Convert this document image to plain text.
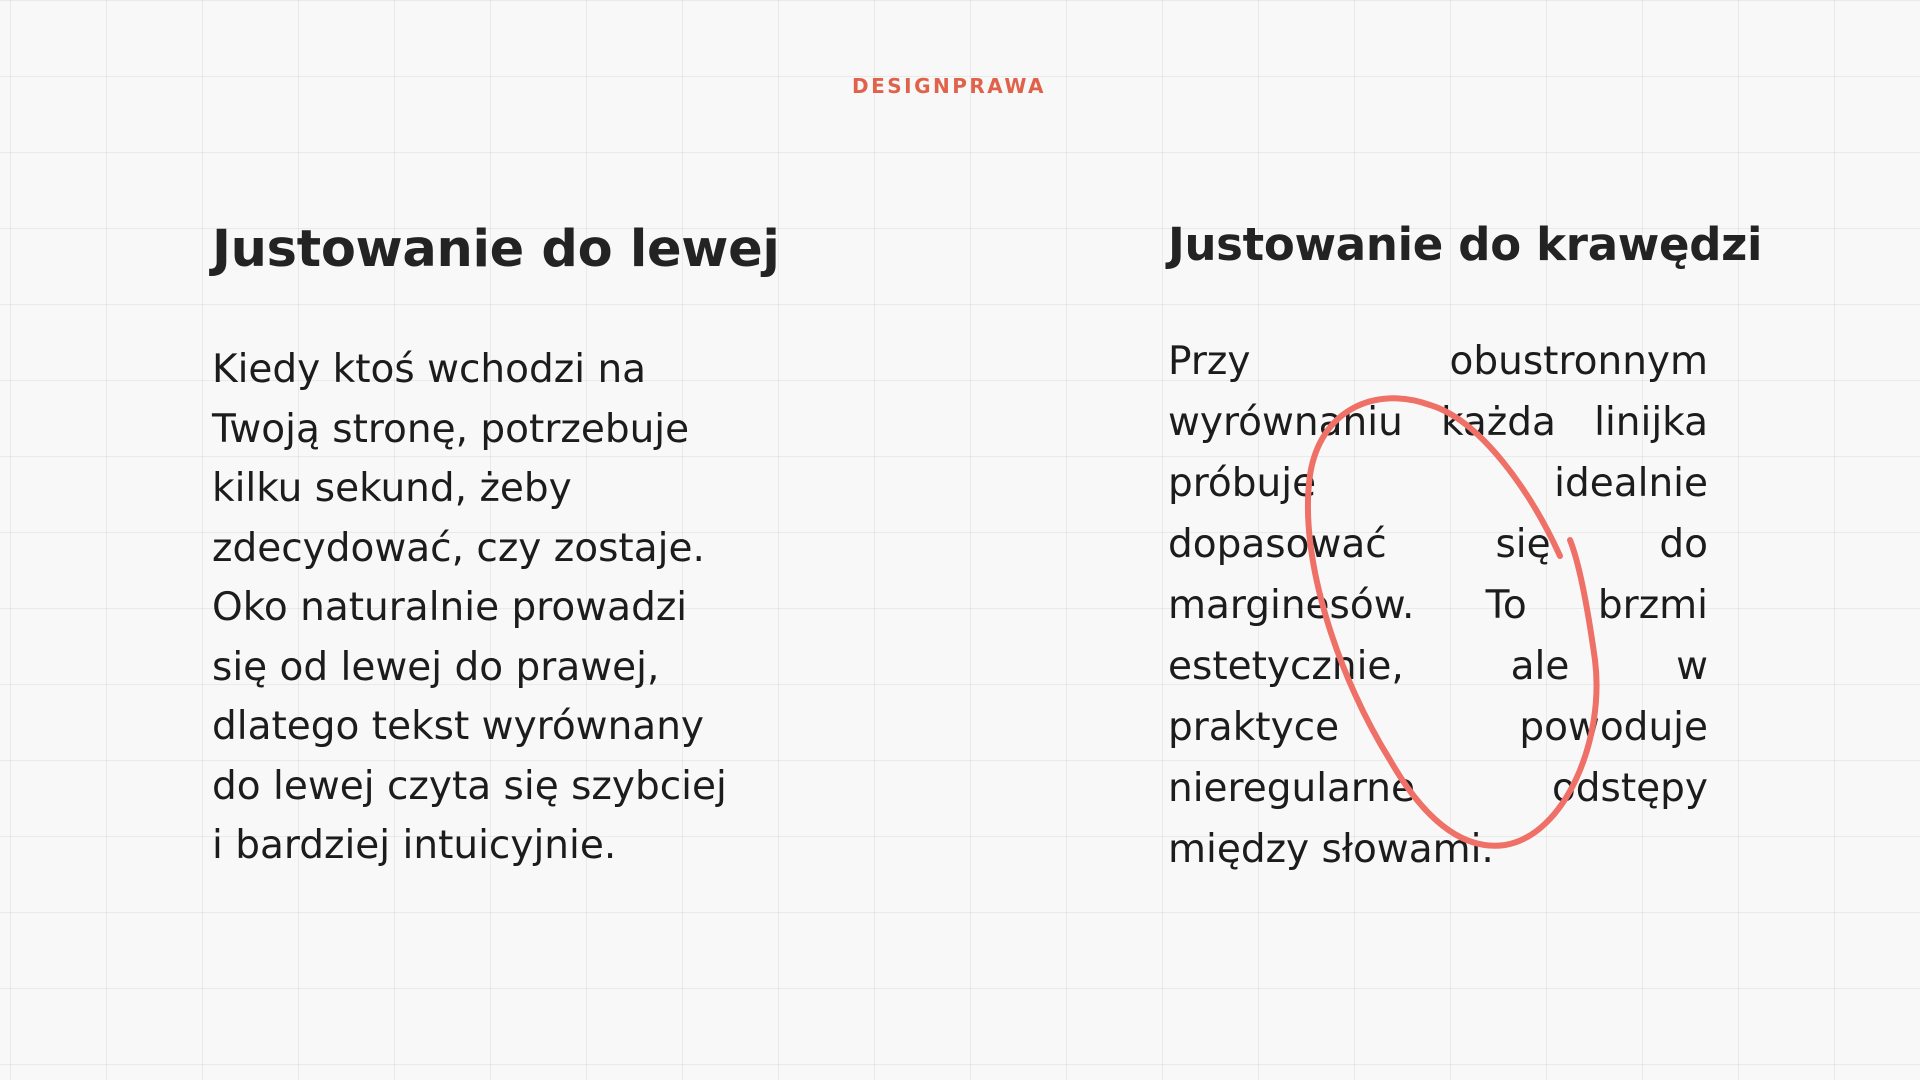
DESIGNPRAWA
Justowanie do lewej
Kiedy ktoś wchodzi na
Twoją stronę, potrzebuje
kilku sekund, żeby
zdecydować, czy zostaje.
Oko naturalnie prowadzi
się od lewej do prawej,
dlatego tekst wyrównany
do lewej czyta się szybciej
i bardziej intuicyjnie.
Justowanie do krawędzi
Przy	obustronnym
wyrównaniu każda linijka
próbuje	idealnie
dopasować	się	do
marginesów. To brzmi
estetycznie,	ale	w
praktyce	powoduje
nieregularne	odstępy
między
słowami.
